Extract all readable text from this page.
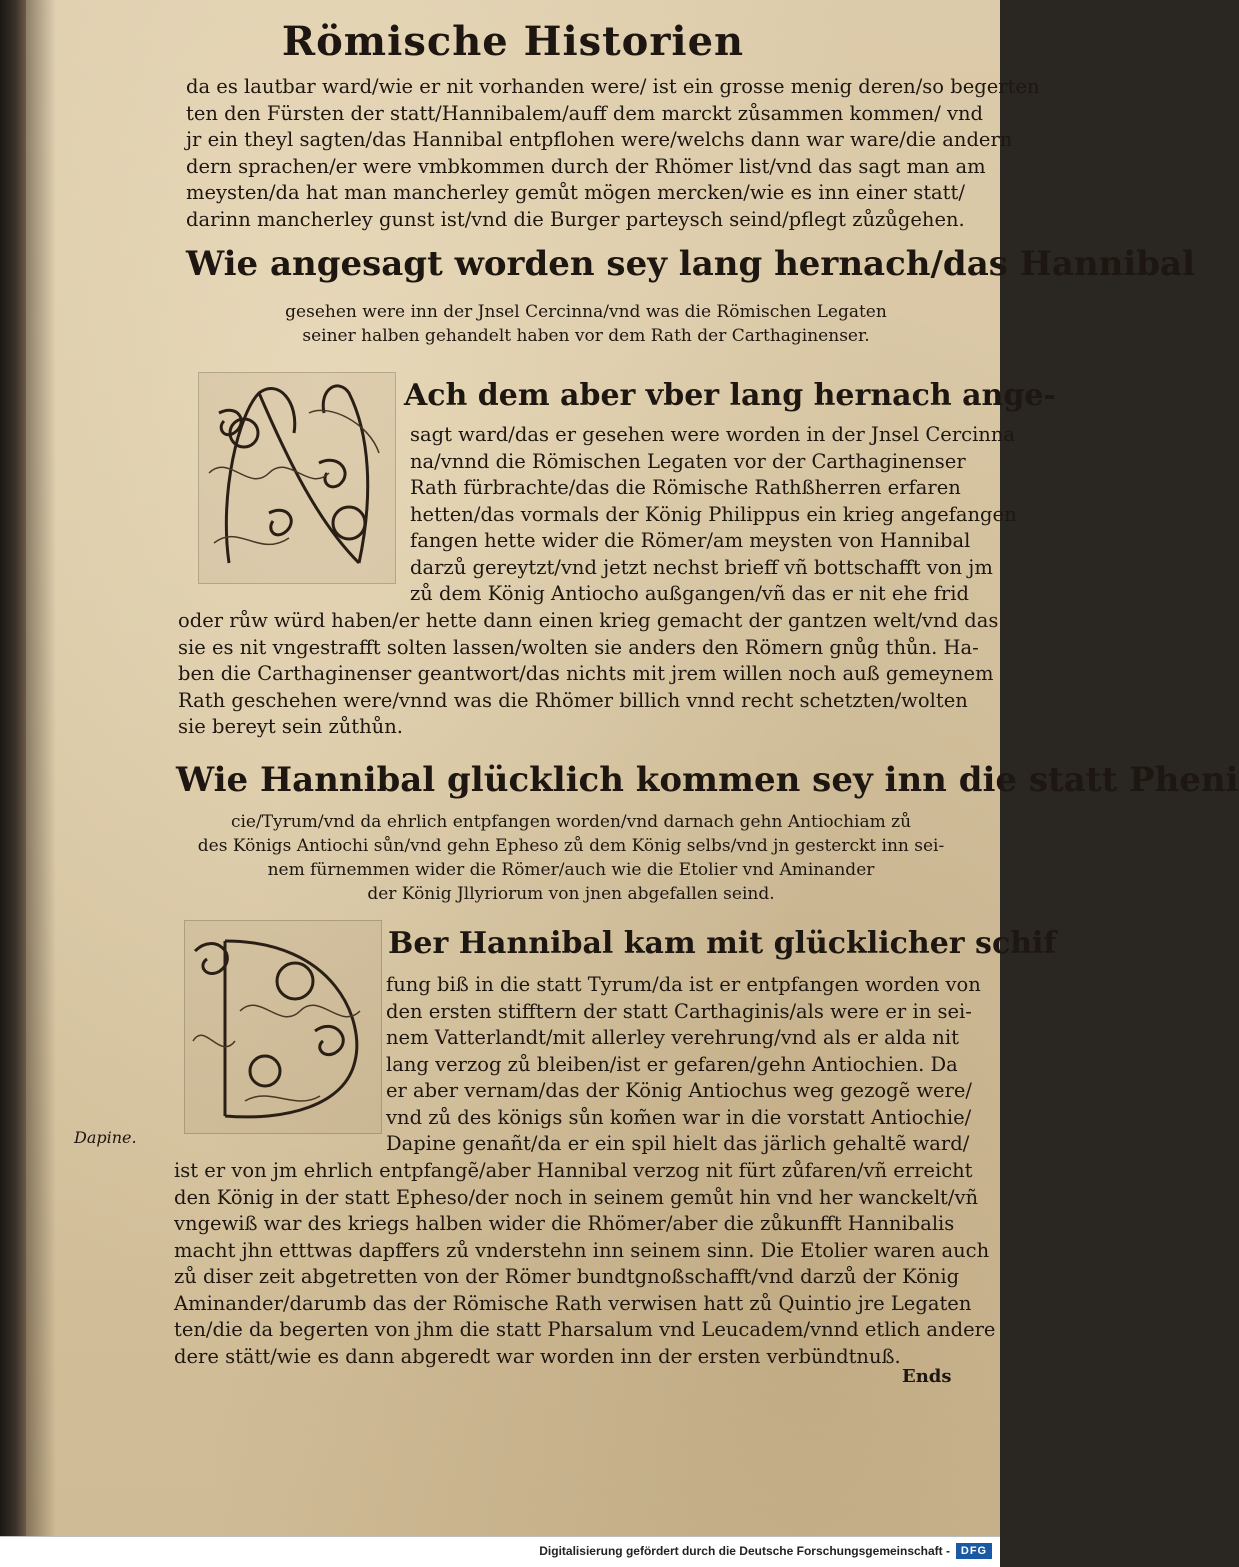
Römische Historien
da es lautbar ward/wie er nit vorhanden were/ ist ein grosse menig deren/so begerten
ten den Fürsten der statt/Hannibalem/auff dem marckt zůsammen kommen/ vnd
jr ein theyl sagten/das Hannibal entpflohen were/welchs dann war ware/die andern
dern sprachen/er were vmbkommen durch der Rhömer list/vnd das sagt man am
meysten/da hat man mancherley gemůt mögen mercken/wie es inn einer statt/
darinn mancherley gunst ist/vnd die Burger parteysch seind/pflegt zůzůgehen.
Wie angesagt worden sey lang hernach/das Hannibal
gesehen were inn der Jnsel Cercinna/vnd was die Römischen Legaten
seiner halben gehandelt haben vor dem Rath der Carthaginenser.
Ach dem aber vber lang hernach ange-
sagt ward/das er gesehen were worden in der Jnsel Cercinna
na/vnnd die Römischen Legaten vor der Carthaginenser
Rath fürbrachte/das die Römische Rathßherren erfaren
hetten/das vormals der König Philippus ein krieg angefangen
fangen hette wider die Römer/am meysten von Hannibal
darzů gereytzt/vnd jetzt nechst brieff vñ bottschafft von jm
zů dem König Antiocho außgangen/vñ das er nit ehe frid
oder růw würd haben/er hette dann einen krieg gemacht der gantzen welt/vnd das
sie es nit vngestrafft solten lassen/wolten sie anders den Römern gnůg thůn. Ha-
ben die Carthaginenser geantwort/das nichts mit jrem willen noch auß gemeynem
Rath geschehen were/vnnd was die Rhömer billich vnnd recht schetzten/wolten
sie bereyt sein zůthůn.
Wie Hannibal glücklich kommen sey inn die statt Pheni
cie/Tyrum/vnd da ehrlich entpfangen worden/vnd darnach gehn Antiochiam zů
des Königs Antiochi sůn/vnd gehn Epheso zů dem König selbs/vnd jn gesterckt inn sei-
nem fürnemmen wider die Römer/auch wie die Etolier vnd Aminander
der König Jllyriorum von jnen abgefallen seind.
Ber Hannibal kam mit glücklicher schif
fung biß in die statt Tyrum/da ist er entpfangen worden von
den ersten stifftern der statt Carthaginis/als were er in sei-
nem Vatterlandt/mit allerley verehrung/vnd als er alda nit
lang verzog zů bleiben/ist er gefaren/gehn Antiochien. Da
er aber vernam/das der König Antiochus weg gezogẽ were/
vnd zů des königs sůn kom̃en war in die vorstatt Antiochie/
Dapine genañt/da er ein spil hielt das järlich gehaltẽ ward/
Dapine.
ist er von jm ehrlich entpfangẽ/aber Hannibal verzog nit fürt zůfaren/vñ erreicht
den König in der statt Epheso/der noch in seinem gemůt hin vnd her wanckelt/vñ
vngewiß war des kriegs halben wider die Rhömer/aber die zůkunfft Hannibalis
macht jhn etttwas dapffers zů vnderstehn inn seinem sinn. Die Etolier waren auch
zů diser zeit abgetretten von der Römer bundtgnoßschafft/vnd darzů der König
Aminander/darumb das der Römische Rath verwisen hatt zů Quintio jre Legaten
ten/die da begerten von jhm die statt Pharsalum vnd Leucadem/vnnd etlich andere
dere stätt/wie es dann abgeredt war worden inn der ersten verbündtnuß.
Ends
Digitalisierung gefördert durch die Deutsche Forschungsgemeinschaft - DFG
